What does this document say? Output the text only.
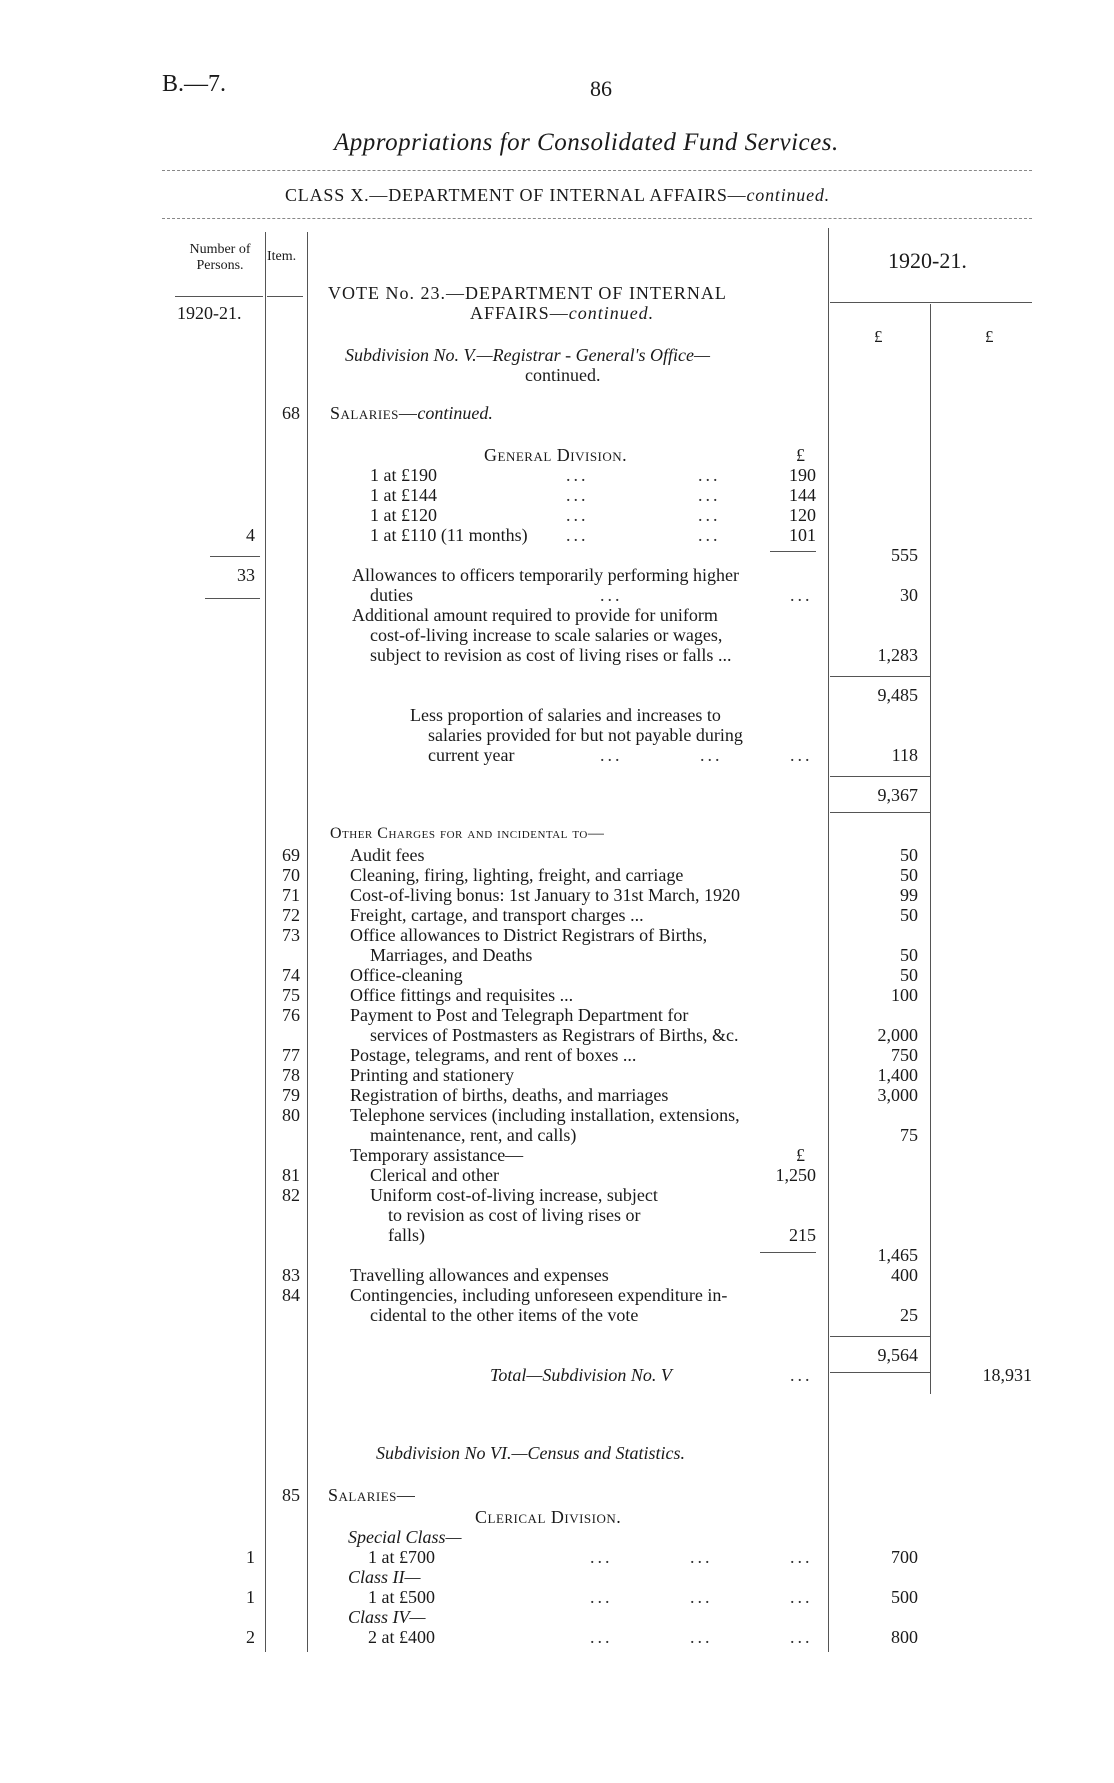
B.—7.	86
Appropriations for Consolidated Fund Services.
CLASS X.—DEPARTMENT OF INTERNAL AFFAIRS—continued.
Number of Persons.
Item.	1920-21.
1920-21.
£	£
VOTE No. 23.—DEPARTMENT OF INTERNAL
AFFAIRS—continued.
Subdivision No. V.—Registrar - General's Office—
continued.
68 Salaries—continued.
General Division.	£
1 at £190	...	...	190
1 at £144	...	...	144
1 at £120	...	...	120
4	1 at £110 (11 months) ...	...	101
555
33	Allowances to officers temporarily performing higher
duties	...	...	30
Additional amount required to provide for uniform
cost-of-living increase to scale salaries or wages,
subject to revision as cost of living rises or falls ...	1,283
9,485
Less proportion of salaries and increases to
salaries provided for but not payable during
current year	...	...	...	118
9,367
Other Charges for and incidental to—
69	Audit fees	50
70	Cleaning, firing, lighting, freight, and carriage	50
71	Cost-of-living bonus: 1st January to 31st March, 1920	99
72	Freight, cartage, and transport charges ...	50
73	Office allowances to District Registrars of Births,
Marriages, and Deaths	50
74	Office-cleaning	50
75	Office fittings and requisites ...	100
76	Payment to Post and Telegraph Department for
services of Postmasters as Registrars of Births, &c.	2,000
77	Postage, telegrams, and rent of boxes ...	750
78	Printing and stationery	1,400
79	Registration of births, deaths, and marriages	3,000
80	Telephone services (including installation, extensions,
maintenance, rent, and calls)	75
Temporary assistance—	£
81	Clerical and other	1,250
82	Uniform cost-of-living increase, subject
to revision as cost of living rises or
falls)	215
1,465
83	Travelling allowances and expenses	400
84	Contingencies, including unforeseen expenditure in-
cidental to the other items of the vote	25
9,564
Total—Subdivision No. V	...	18,931
Subdivision No VI.—Census and Statistics.
85 Salaries—
Clerical Division.
Special Class—
1	1 at £700	...	...	...	700
Class II—
1	1 at £500	...	...	...	500
Class IV—
2	2 at £400	...	...	...	800
